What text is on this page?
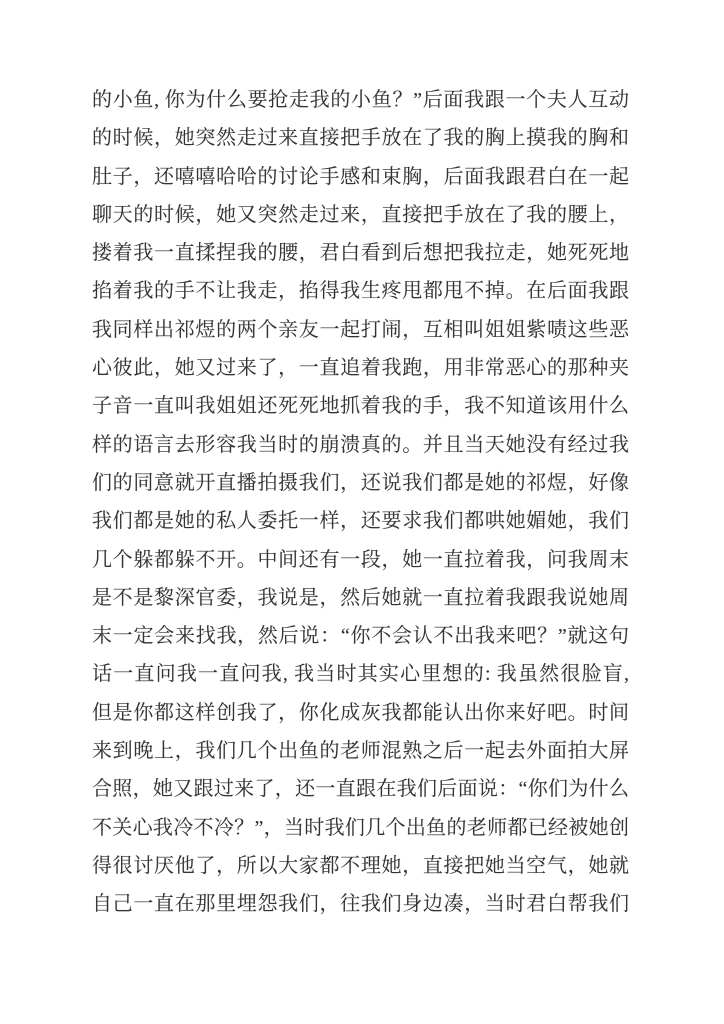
的小鱼, 你为什么要抢走我的小鱼？”后面我跟一个夫人互动
的时候，她突然走过来直接把手放在了我的胸上摸我的胸和
肚子，还嘻嘻哈哈的讨论手感和束胸，后面我跟君白在一起
聊天的时候，她又突然走过来，直接把手放在了我的腰上，
搂着我一直揉捏我的腰，君白看到后想把我拉走，她死死地
掐着我的手不让我走，掐得我生疼甩都甩不掉。在后面我跟
我同样出祁煜的两个亲友一起打闹，互相叫姐姐紫啧这些恶
心彼此，她又过来了，一直追着我跑，用非常恶心的那种夹
子音一直叫我姐姐还死死地抓着我的手，我不知道该用什么
样的语言去形容我当时的崩溃真的。并且当天她没有经过我
们的同意就开直播拍摄我们，还说我们都是她的祁煜，好像
我们都是她的私人委托一样，还要求我们都哄她媚她，我们
几个躲都躲不开。中间还有一段，她一直拉着我，问我周末
是不是黎深官委，我说是，然后她就一直拉着我跟我说她周
末一定会来找我，然后说：“你不会认不出我来吧？”就这句
话一直问我一直问我, 我当时其实心里想的: 我虽然很脸盲,
但是你都这样创我了，你化成灰我都能认出你来好吧。时间
来到晚上，我们几个出鱼的老师混熟之后一起去外面拍大屏
合照，她又跟过来了，还一直跟在我们后面说：“你们为什么
不关心我冷不冷？”，当时我们几个出鱼的老师都已经被她创
得很讨厌他了，所以大家都不理她，直接把她当空气，她就
自己一直在那里埋怨我们，往我们身边凑，当时君白帮我们
